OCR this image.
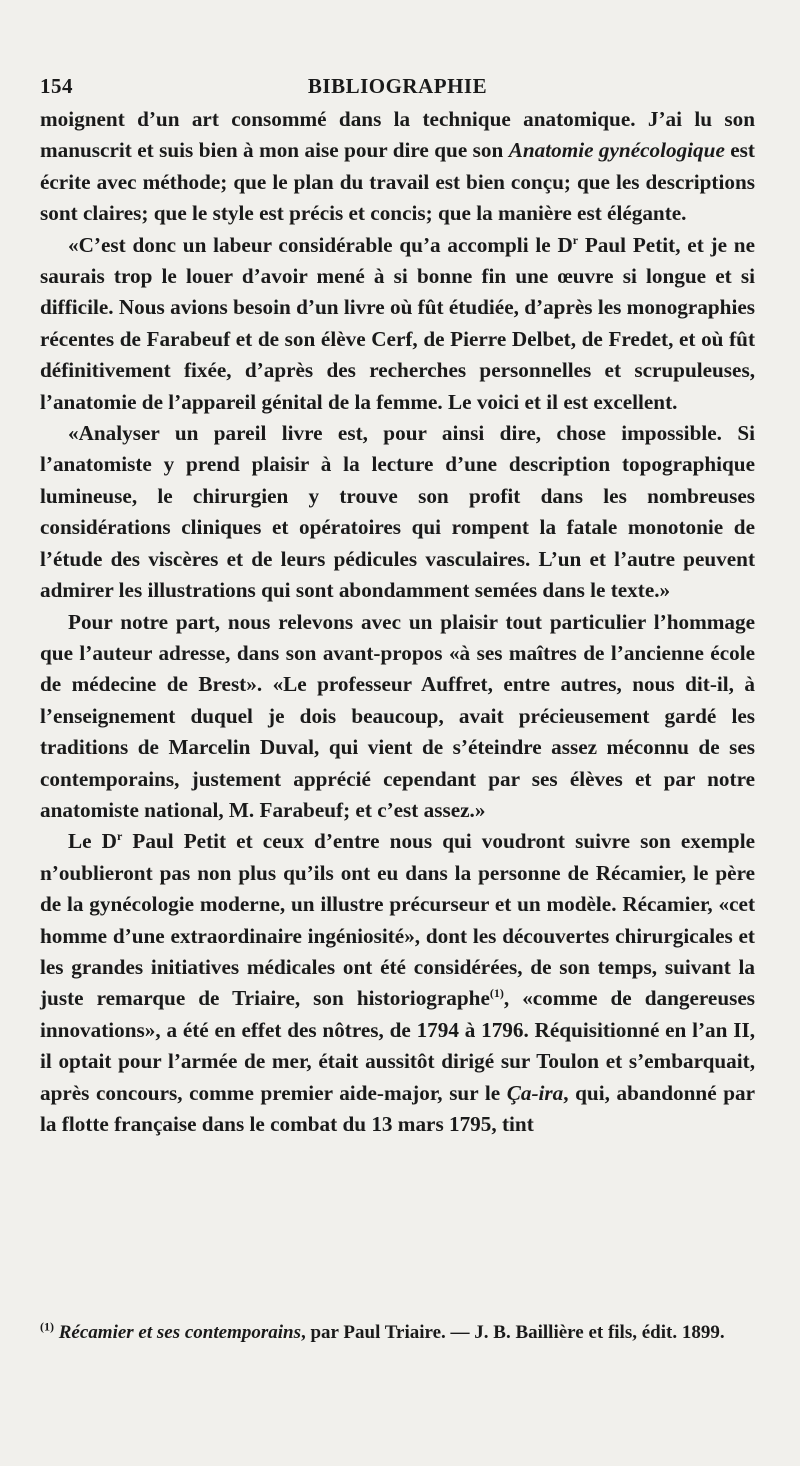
154	BIBLIOGRAPHIE

moignent d’un art consommé dans la technique anatomique. J’ai lu son manuscrit et suis bien à mon aise pour dire que son Anatomie gynécologique est écrite avec méthode; que le plan du travail est bien conçu; que les descriptions sont claires; que le style est précis et concis; que la manière est élégante.

«C’est donc un labeur considérable qu’a accompli le $D^r$ Paul Petit, et je ne saurais trop le louer d’avoir mené à si bonne fin une œuvre si longue et si difficile. Nous avions besoin d’un livre où fût étudiée, d’après les monographies récentes de Farabeuf et de son élève Cerf, de Pierre Delbet, de Fredet, et où fût définitivement fixée, d’après des recherches personnelles et scrupuleuses, l’anatomie de l’appareil génital de la femme. Le voici et il est excellent.

«Analyser un pareil livre est, pour ainsi dire, chose impossible. Si l’anatomiste y prend plaisir à la lecture d’une description topographique lumineuse, le chirurgien y trouve son profit dans les nombreuses considérations cliniques et opératoires qui rompent la fatale monotonie de l’étude des viscères et de leurs pédicules vasculaires. L’un et l’autre peuvent admirer les illustrations qui sont abondamment semées dans le texte.»

Pour notre part, nous relevons avec un plaisir tout particulier l’hommage que l’auteur adresse, dans son avant-propos «à ses maîtres de l’ancienne école de médecine de Brest». «Le professeur Auffret, entre autres, nous dit-il, à l’enseignement duquel je dois beaucoup, avait précieusement gardé les traditions de Marcelin Duval, qui vient de s’éteindre assez méconnu de ses contemporains, justement apprécié cependant par ses élèves et par notre anatomiste national, M. Farabeuf; et c’est assez.»

Le $D^r$ Paul Petit et ceux d’entre nous qui voudront suivre son exemple n’oublieront pas non plus qu’ils ont eu dans la personne de Récamier, le père de la gynécologie moderne, un illustre précurseur et un modèle. Récamier, «cet homme d’une extraordinaire ingéniosité», dont les découvertes chirurgicales et les grandes initiatives médicales ont été considérées, de son temps, suivant la juste remarque de Triaire, son historiographe$^{(1)}$, «comme de dangereuses innovations», a été en effet des nôtres, de 1794 à 1796. Réquisitionné en l’an II, il optait pour l’armée de mer, était aussitôt dirigé sur Toulon et s’embarquait, après concours, comme premier aide-major, sur le Ça-ira, qui, abandonné par la flotte française dans le combat du 13 mars 1795, tint

$^{(1)}$ Récamier et ses contemporains, par Paul Triaire. — J. B. Baillière et fils, édit. 1899.
